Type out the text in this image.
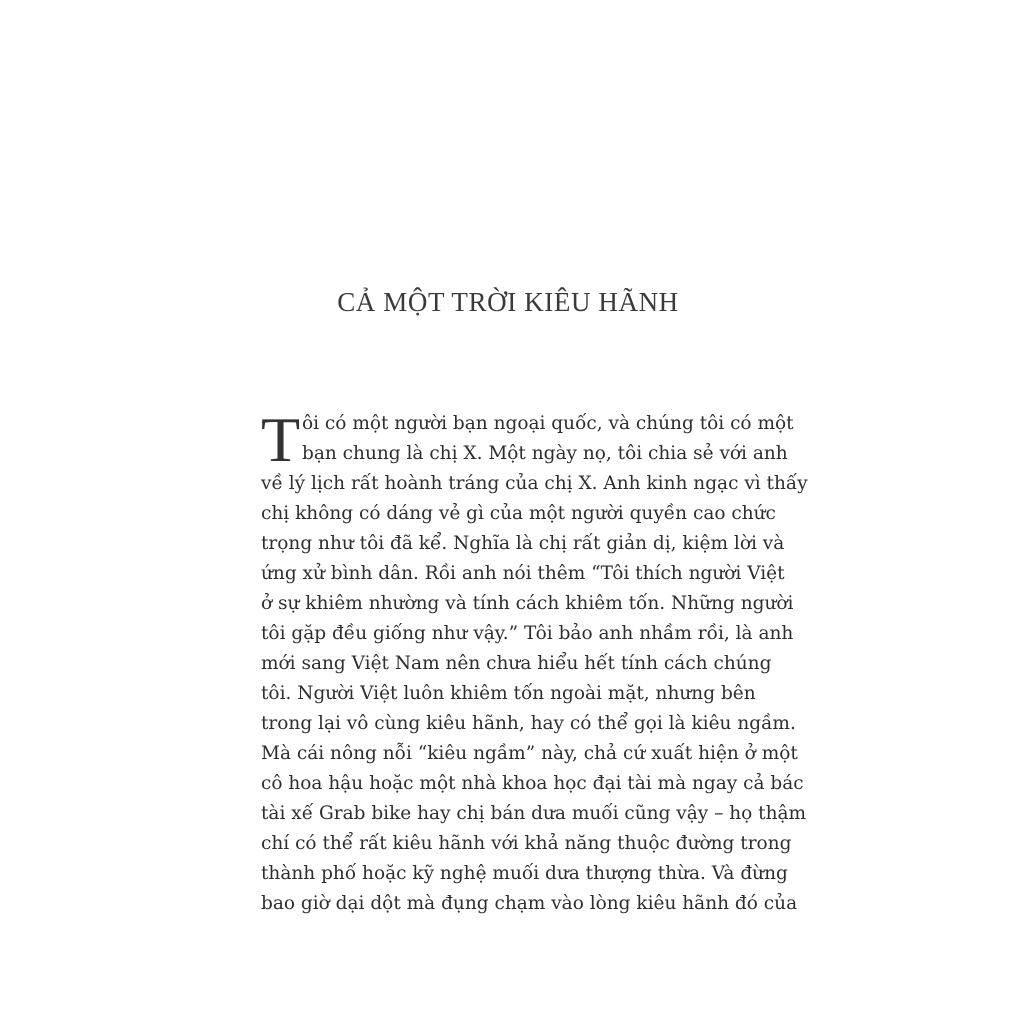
CẢ MỘT TRỜI KIÊU HÃNH
T ôi có một người bạn ngoại quốc, và chúng tôi có một
bạn chung là chị X. Một ngày nọ, tôi chia sẻ với anh
về lý lịch rất hoành tráng của chị X. Anh kinh ngạc vì thấy
chị không có dáng vẻ gì của một người quyền cao chức
trọng như tôi đã kể. Nghĩa là chị rất giản dị, kiệm lời và
ứng xử bình dân. Rồi anh nói thêm “Tôi thích người Việt
ở sự khiêm nhường và tính cách khiêm tốn. Những người
tôi gặp đều giống như vậy.” Tôi bảo anh nhầm rồi, là anh
mới sang Việt Nam nên chưa hiểu hết tính cách chúng
tôi. Người Việt luôn khiêm tốn ngoài mặt, nhưng bên
trong lại vô cùng kiêu hãnh, hay có thể gọi là kiêu ngầm.
Mà cái nông nỗi “kiêu ngầm” này, chả cứ xuất hiện ở một
cô hoa hậu hoặc một nhà khoa học đại tài mà ngay cả bác
tài xế Grab bike hay chị bán dưa muối cũng vậy – họ thậm
chí có thể rất kiêu hãnh với khả năng thuộc đường trong
thành phố hoặc kỹ nghệ muối dưa thượng thừa. Và đừng
bao giờ dại dột mà đụng chạm vào lòng kiêu hãnh đó của
